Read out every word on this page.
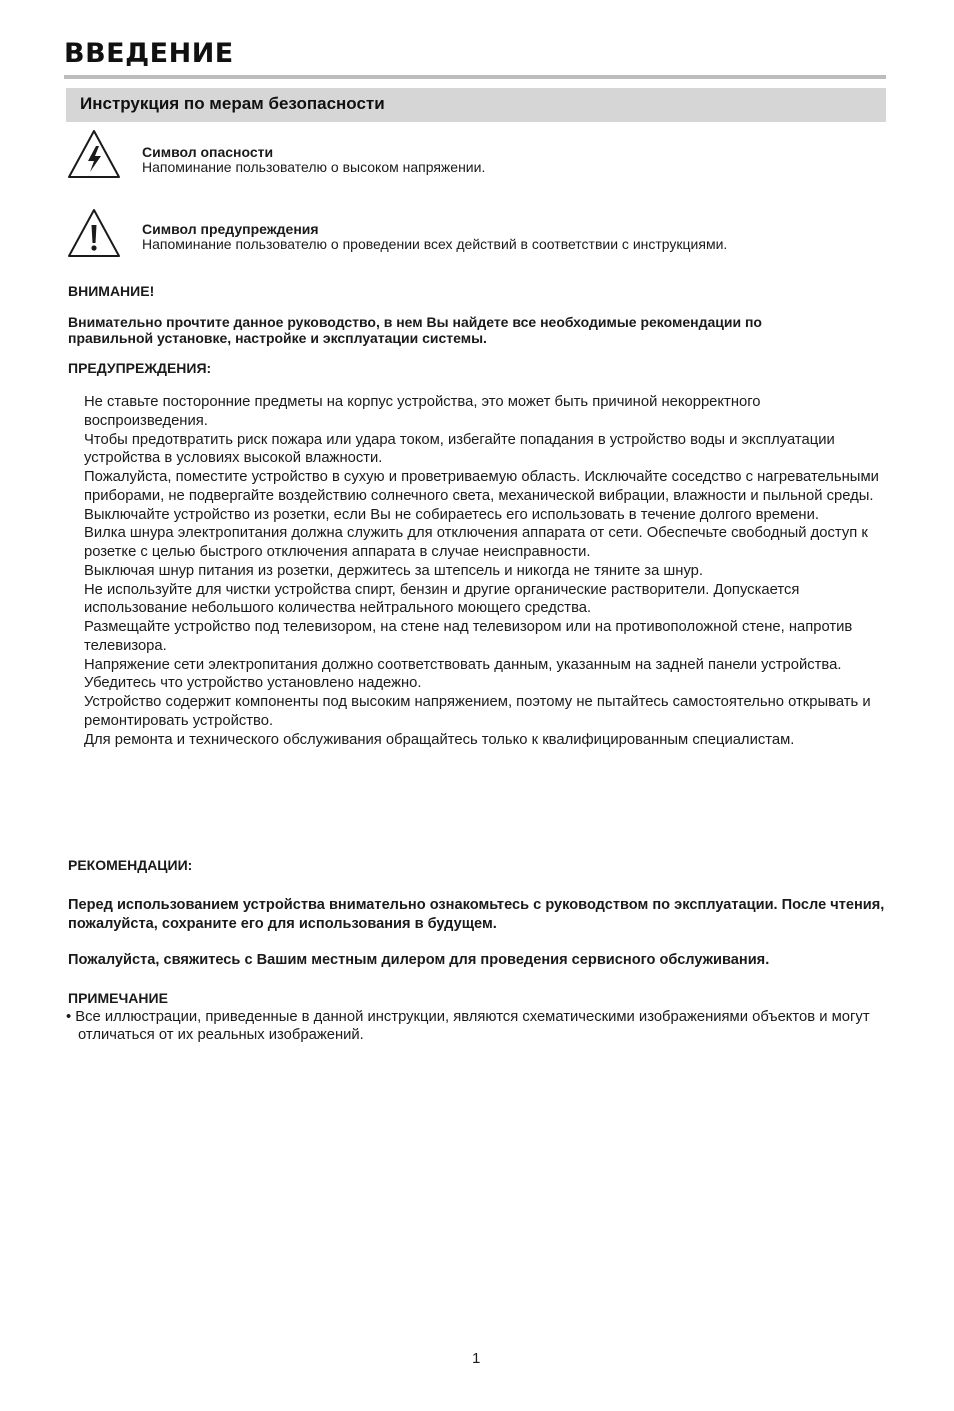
ВВЕДЕНИЕ
Инструкция по мерам безопасности
Символ опасности
Напоминание пользователю о высоком напряжении.
Символ предупреждения
Напоминание пользователю о проведении всех действий в соответствии с инструкциями.
ВНИМАНИЕ!
Внимательно прочтите данное руководство, в нем Вы найдете все необходимые рекомендации по правильной установке, настройке и эксплуатации системы.
ПРЕДУПРЕЖДЕНИЯ:
Не ставьте посторонние предметы на корпус устройства, это может быть причиной некорректного воспроизведения.
Чтобы предотвратить риск пожара или удара током, избегайте попадания в устройство воды и эксплуатации устройства в условиях высокой влажности.
Пожалуйста, поместите устройство в сухую и проветриваемую область. Исключайте соседство с нагревательными приборами, не подвергайте воздействию солнечного света, механической вибрации, влажности и пыльной среды.
Выключайте устройство из розетки, если Вы не собираетесь его использовать в течение долгого времени.
Вилка шнура электропитания должна служить для отключения аппарата от сети. Обеспечьте свободный доступ к розетке с целью быстрого отключения аппарата в случае неисправности.
Выключая шнур питания из розетки, держитесь за штепсель и никогда не тяните за шнур.
Не используйте для чистки устройства спирт, бензин и другие органические растворители. Допускается использование небольшого количества нейтрального моющего средства.
Размещайте устройство под телевизором, на стене над телевизором или на противоположной стене, напротив телевизора.
Напряжение сети электропитания должно соответствовать данным, указанным на задней панели устройства.
Убедитесь что устройство установлено надежно.
Устройство содержит компоненты под высоким напряжением, поэтому не пытайтесь самостоятельно открывать и ремонтировать устройство.
Для ремонта и технического обслуживания обращайтесь только к квалифицированным специалистам.
РЕКОМЕНДАЦИИ:
Перед использованием устройства внимательно ознакомьтесь с руководством по эксплуатации. После чтения, пожалуйста, сохраните его для использования в будущем.
Пожалуйста, свяжитесь с Вашим местным дилером для проведения сервисного обслуживания.
ПРИМЕЧАНИЕ
• Все иллюстрации, приведенные в данной инструкции, являются схематическими изображениями объектов и могут отличаться от их реальных изображений.
1
